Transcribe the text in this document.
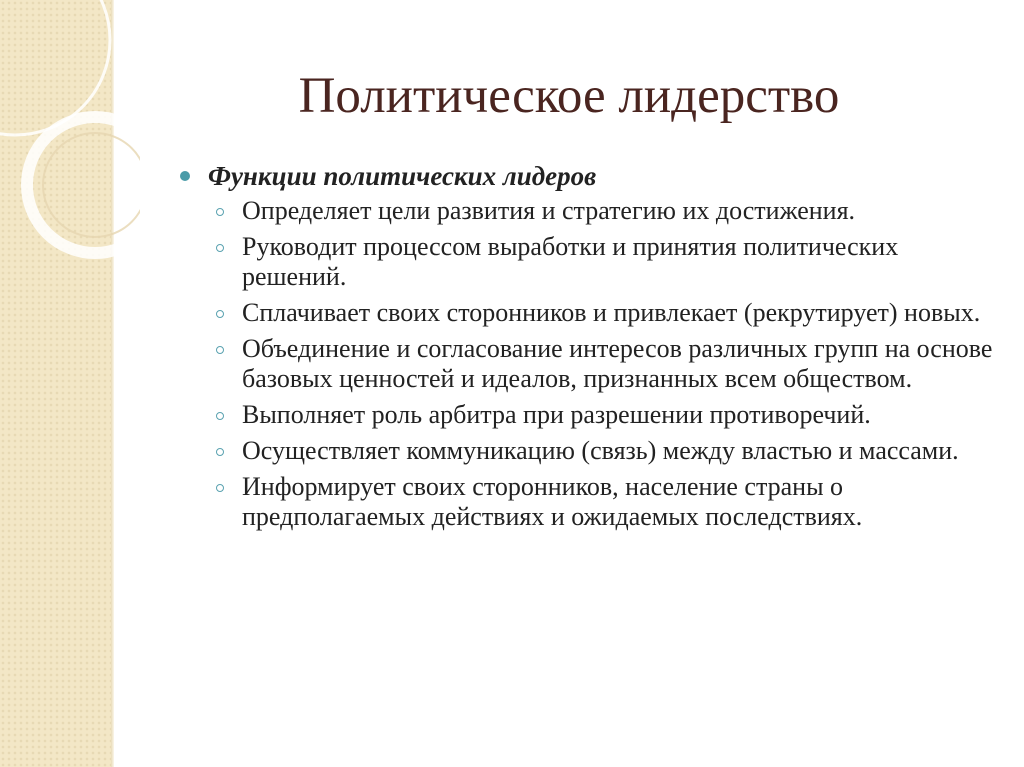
Политическое лидерство
Функции политических лидеров
Определяет цели развития и стратегию их достижения.
Руководит процессом выработки и принятия политических решений.
Сплачивает своих сторонников и привлекает (рекрутирует) новых.
Объединение и согласование интересов различных групп на основе базовых ценностей и идеалов, признанных всем обществом.
Выполняет роль арбитра при разрешении противоречий.
Осуществляет коммуникацию (связь) между властью и массами.
Информирует своих сторонников, население страны о предполагаемых действиях и ожидаемых последствиях.
